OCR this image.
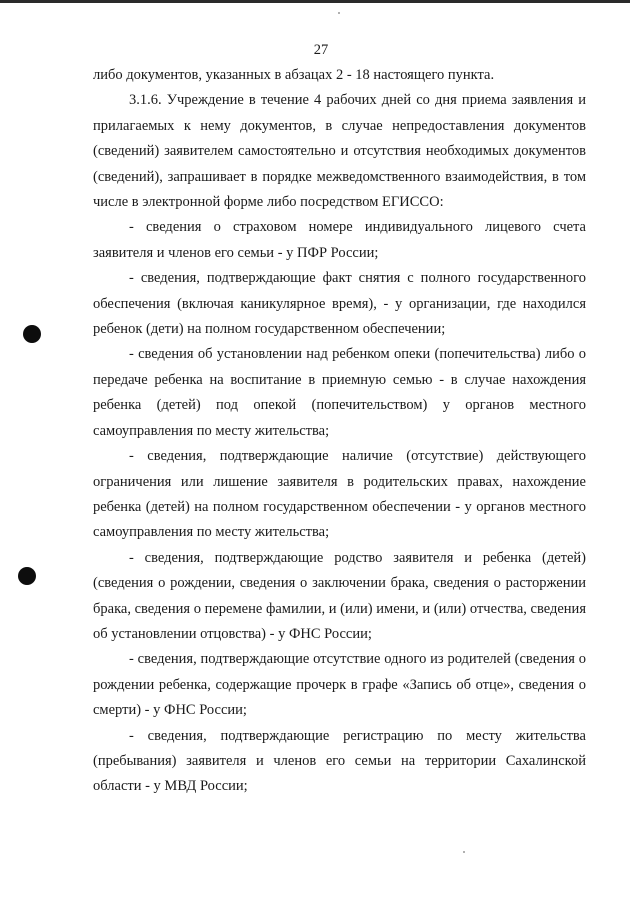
27

либо документов, указанных в абзацах 2 - 18 настоящего пункта.

3.1.6. Учреждение в течение 4 рабочих дней со дня приема заявления и прилагаемых к нему документов, в случае непредоставления документов (сведений) заявителем самостоятельно и отсутствия необходимых документов (сведений), запрашивает в порядке межведомственного взаимодействия, в том числе в электронной форме либо посредством ЕГИССО:

- сведения о страховом номере индивидуального лицевого счета заявителя и членов его семьи - у ПФР России;

- сведения, подтверждающие факт снятия с полного государственного обеспечения (включая каникулярное время), - у организации, где находился ребенок (дети) на полном государственном обеспечении;

- сведения об установлении над ребенком опеки (попечительства) либо о передаче ребенка на воспитание в приемную семью - в случае нахождения ребенка (детей) под опекой (попечительством) у органов местного самоуправления по месту жительства;

- сведения, подтверждающие наличие (отсутствие) действующего ограничения или лишение заявителя в родительских правах, нахождение ребенка (детей) на полном государственном обеспечении - у органов местного самоуправления по месту жительства;

- сведения, подтверждающие родство заявителя и ребенка (детей) (сведения о рождении, сведения о заключении брака, сведения о расторжении брака, сведения о перемене фамилии, и (или) имени, и (или) отчества, сведения об установлении отцовства) - у ФНС России;

- сведения, подтверждающие отсутствие одного из родителей (сведения о рождении ребенка, содержащие прочерк в графе «Запись об отце», сведения о смерти) - у ФНС России;

- сведения, подтверждающие регистрацию по месту жительства (пребывания) заявителя и членов его семьи на территории Сахалинской области - у МВД России;
